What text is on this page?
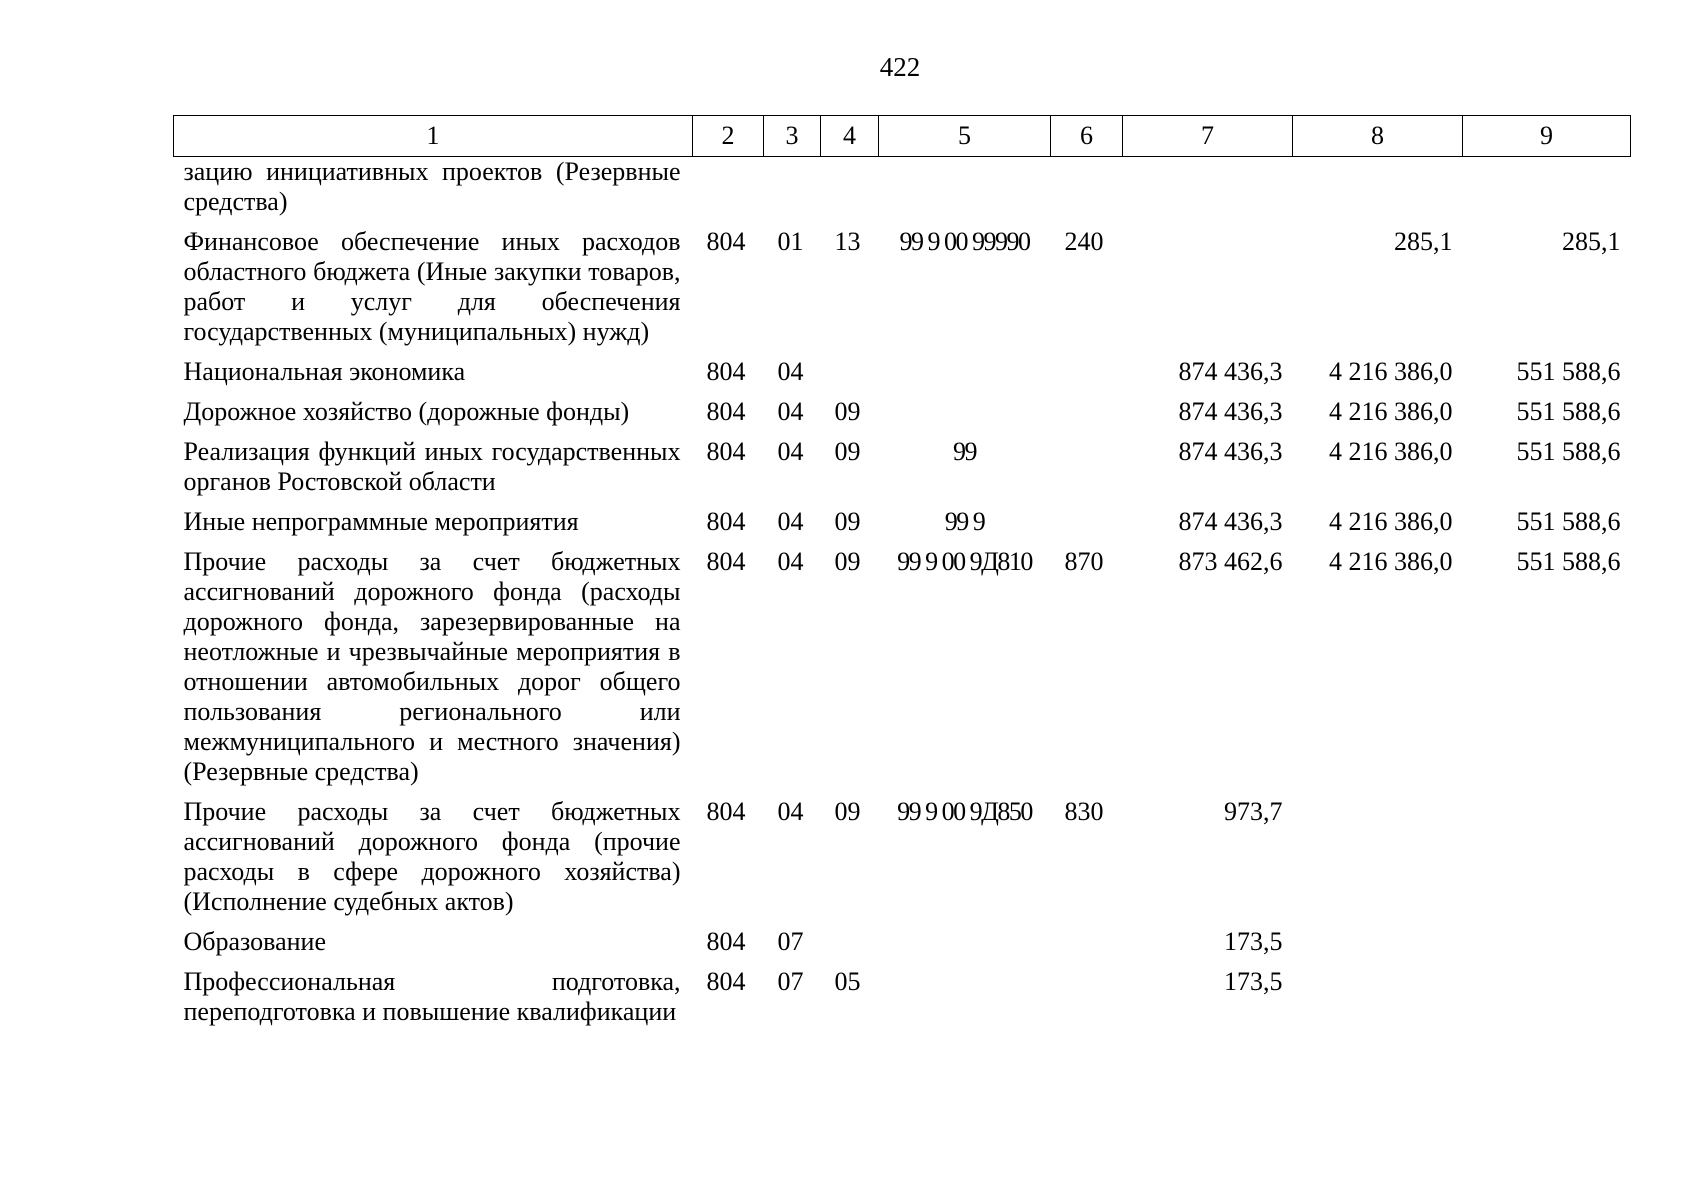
422
1	2	3	4	5	6	7	8	9
зацию инициативных проектов (Резервные средства)								
Финансовое обеспечение иных расходов областного бюджета (Иные закупки товаров, работ и услуг для обеспечения государственных (муниципальных) нужд)	804	01	13	99 9 00 99990	240		285,1	285,1
Национальная экономика	804	04				874 436,3	4 216 386,0	551 588,6
Дорожное хозяйство (дорожные фонды)	804	04	09			874 436,3	4 216 386,0	551 588,6
Реализация функций иных государственных органов Ростовской области	804	04	09	99		874 436,3	4 216 386,0	551 588,6
Иные непрограммные мероприятия	804	04	09	99 9		874 436,3	4 216 386,0	551 588,6
Прочие расходы за счет бюджетных ассигнований дорожного фонда (расходы дорожного фонда, зарезервированные на неотложные и чрезвычайные мероприятия в отношении автомобильных дорог общего пользования регионального или межмуниципального и местного значения) (Резервные средства)	804	04	09	99 9 00 9Д810	870	873 462,6	4 216 386,0	551 588,6
Прочие расходы за счет бюджетных ассигнований дорожного фонда (прочие расходы в сфере дорожного хозяйства) (Исполнение судебных актов)	804	04	09	99 9 00 9Д850	830	973,7		
Образование	804	07				173,5		
Профессиональная подготовка, переподготовка и повышение квалификации	804	07	05			173,5		
